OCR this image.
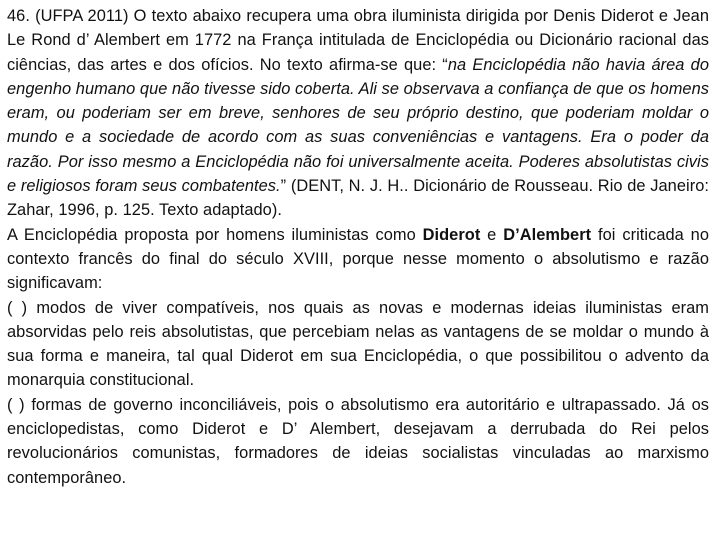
46. (UFPA 2011) O texto abaixo recupera uma obra iluminista dirigida por Denis Diderot e Jean Le Rond d’ Alembert em 1772 na França intitulada de Enciclopédia ou Dicionário racional das ciências, das artes e dos ofícios. No texto afirma-se que: “na Enciclopédia não havia área do engenho humano que não tivesse sido coberta. Ali se observava a confiança de que os homens eram, ou poderiam ser em breve, senhores de seu próprio destino, que poderiam moldar o mundo e a sociedade de acordo com as suas conveniências e vantagens. Era o poder da razão. Por isso mesmo a Enciclopédia não foi universalmente aceita. Poderes absolutistas civis e religiosos foram seus combatentes.” (DENT, N. J. H.. Dicionário de Rousseau. Rio de Janeiro: Zahar, 1996, p. 125. Texto adaptado).

A Enciclopédia proposta por homens iluministas como Diderot e D’Alembert foi criticada no contexto francês do final do século XVIII, porque nesse momento o absolutismo e razão significavam:

( ) modos de viver compatíveis, nos quais as novas e modernas ideias iluministas eram absorvidas pelo reis absolutistas, que percebiam nelas as vantagens de se moldar o mundo à sua forma e maneira, tal qual Diderot em sua Enciclopédia, o que possibilitou o advento da monarquia constitucional.

( ) formas de governo inconciliáveis, pois o absolutismo era autoritário e ultrapassado. Já os enciclopedistas, como Diderot e D’ Alembert, desejavam a derrubada do Rei pelos revolucionários comunistas, formadores de ideias socialistas vinculadas ao marxismo contemporâneo.
